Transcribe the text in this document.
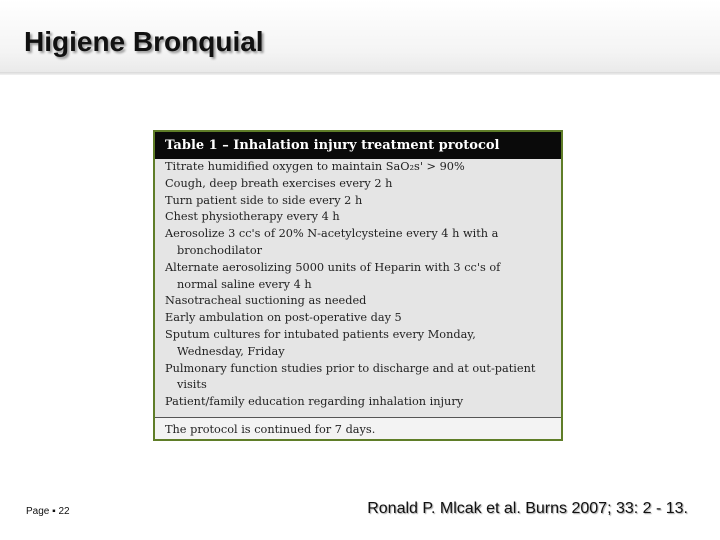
Higiene Bronquial
Table 1 – Inhalation injury treatment protocol
Titrate humidified oxygen to maintain SaO₂s' > 90%
Cough, deep breath exercises every 2 h
Turn patient side to side every 2 h
Chest physiotherapy every 4 h
Aerosolize 3 cc's of 20% N-acetylcysteine every 4 h with a
bronchodilator
Alternate aerosolizing 5000 units of Heparin with 3 cc's of
normal saline every 4 h
Nasotracheal suctioning as needed
Early ambulation on post-operative day 5
Sputum cultures for intubated patients every Monday,
Wednesday, Friday
Pulmonary function studies prior to discharge and at out-patient
visits
Patient/family education regarding inhalation injury
The protocol is continued for 7 days.
Page ▪ 22	Ronald P. Mlcak et al. Burns 2007; 33: 2 - 13.
